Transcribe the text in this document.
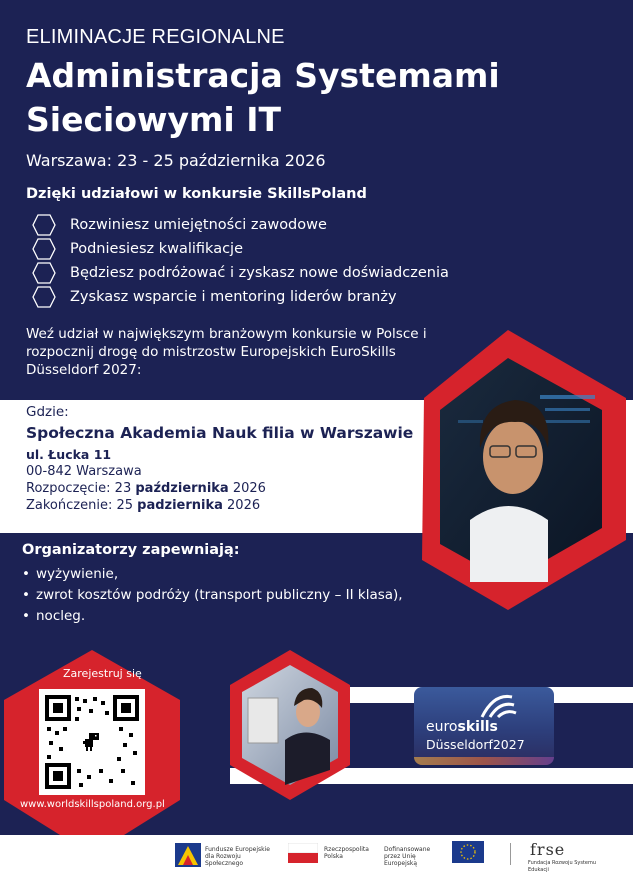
ELIMINACJE REGIONALNE
Administracja Systemami
Sieciowymi IT
Warszawa: 23 - 25 października 2026
Dzięki udziałowi w konkursie SkillsPoland
Rozwiniesz umiejętności zawodowe
Podniesiesz kwalifikacje
Będziesz podróżować i zyskasz nowe doświadczenia
Zyskasz wsparcie i mentoring liderów branży
Weź udział w największym branżowym konkursie w Polsce i rozpocznij drogę do mistrzostw Europejskich EuroSkills Düsseldorf 2027:
Gdzie:
Społeczna Akademia Nauk filia w Warszawie
ul. Łucka 11
00-842 Warszawa
Rozpoczęcie: 23 października 2026
Zakończenie: 25 padziernika 2026
Organizatorzy zapewniają:
• wyżywienie,
• zwrot kosztów podróży (transport publiczny – II klasa),
• nocleg.
Zarejestruj się
www.worldskillspoland.org.pl
euroskills
Düsseldorf2027
Fundusze Europejskie dla Rozwoju Społecznego
Rzeczpospolita Polska
Dofinansowane przez Unię Europejską
frse
Fundacja Rozwoju Systemu Edukacji
